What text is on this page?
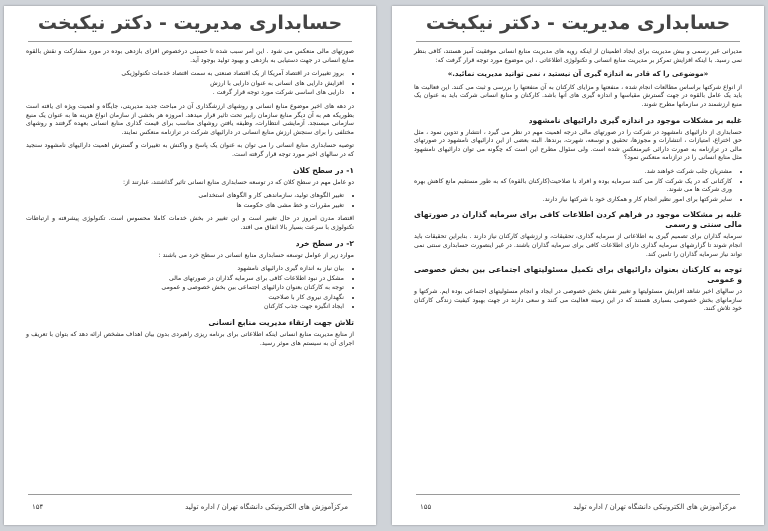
حسابداری مدیریت - دکتر نیکبخت

صورتهای مالی منعکس می شود . این امر سبب شده تا حسینی درخصوص افزای بازدهی بوده در مورد مشارکت و نقش بالقوه منابع انسانی در جهت دستیابی به بازدهی و بهبود تولید بوجود آید.

• بروز تغییرات در اقتصاد آمریکا از یک اقتصاد صنعتی به سمت اقتصاد خدمات تکنولوژیکی
• افزایش دارایی های انسانی به عنوان دارایی با ارزش
• دارایی های اساسی شرکت مورد توجه قرار گرفت .

در دهه های اخیر موضوع منابع انسانی و روشهای ارزشگذاری آن در مباحث جدید مدیریتی، جایگاه و اهمیت ویژه ای یافته است بطوریکه هم به آن دیگر منابع سازمان رابیر تحت تاثیر قرار میدهد. امروزه هر بخشی از سازمان انواع هزینه ها به عنوان یک منبع سازمانی میسنجد. آزمایشی انتظارات، وظیفه یافتن روشهای مناسب برای قیمت گذاری منابع انسانی بعهده گرفتند و روشهای مختلفی را برای سنجش ارزش منابع انسانی در دارائیهای شرکت در ترازنامه منعکس نمایند.

توصیه حسابداری منابع انسانی را می توان به عنوان یک پاسخ و واکنش به تغییرات و گسترش اهمیت دارائیهای نامشهود سنجید که در سالهای اخیر مورد توجه قرار گرفته است.

۱- در سطح کلان

دو عامل مهم در سطح کلان که در توسعه حسابداری منابع انسانی تاثیر گذاشتند، عبارتند از:

• تغییر الگوهای تولید، سازماندهی کار و الگوهای استخدامی
• تغییر مقررات و خط مشی های حکومت ها

اقتصاد مدرن امروز در حال تغییر است و این تغییر در بخش خدمات کاملا محسوس است. تکنولوژی پیشرفته و ارتباطات تکنولوژی با سرعت بسیار بالا اتفاق می افتد.

۲- در سطح خرد

موارد زیر از عوامل توسعه حسابداری منابع انسانی در سطح خرد می باشند :

• بیان نیاز به اندازه گیری دارائیهای نامشهود
• مشکل در نبود اطلاعات کافی برای سرمایه گذاران در صورتهای مالی
• توجه به کارکنان بعنوان دارائیهای اجتماعی بین بخش خصوصی و عمومی
• نگهداری نیروی کار با صلاحیت
• ایجاد انگیزه جهت جذب کارکنان
تلاش جهت ارتقاء مدیریت منابع انسانی

از منابع مدیریت منابع انسانی اینکه اطلاعاتی برای برنامه ریزی راهبردی بدون بیان اهداف مشخص ارائه دهد که بتوان با تعریف و اجرای آن به سیستم های موثر رسید.

مرکزآموزش های الکترونیکی دانشگاه تهران / اداره تولید
۱۵۴
حسابداری مدیریت - دکتر نیکبخت

مدیرانی غیر رسمی و بیش مدیریت برای ایجاد اطمینان از اینکه رویه های مدیریت منابع انسانی موفقیت آمیز هستند، کافی بنظر نمی رسید. با اینکه افزایش تمرکز بر مدیریت منابع انسانی و تکنولوژی اطلاعاتی ، این موضوع مورد توجه قرار گرفت که:

«موضوعی را که قادر به اندازه گیری آن نیستید ، نمی توانید مدیریت نمائید.»

از انواع شرکتها براساس مطالعات انجام شده ، منفعتها و مزایای کارکنان به آن منفعتها را بررسی و ثبت می کنند. این فعالیت ها باید یک عامل بالقوه در جهت گسترش مقیاسها و اندازه گیری های آنها باشد. کارکنان و منابع انسانی شرکت باید به عنوان یک منبع ارزشمند در سازمانها مطرح شوند.

غلبه بر مشکلات موجود در اندازه گیری دارائیهای نامشهود

حسابداری از دارائیهای نامشهود در شرکت را در صورتهای مالی درجه اهمیت مهم در نظر می گیرد ، انتشار و تدوین نمود ، مثل حق اختراع، امتیازات ، انتشارات و مجوزها، تحقیق و توسعه، شهرت، برندها. البته بعضی از این دارائیهای نامشهود در صورتهای مالی در ترازنامه به صورت دارائی غیرمنعکس شده است. ولی سئوال مطرح این است که چگونه می توان دارائیهای نامشهود مثل منابع انسانی را در ترازنامه منعکس نمود؟

• مشتریان جلب شرکت خواهند شد.
• کارکنانی که در یک شرکت کار می کنند سرمایه بوده و افراد با صلاحیت(کارکنان بالقوه) که به طور مستقیم مانع کاهش بهره وری شرکت ها می شوند.
• سایر شرکتها برای امور نظیر انجام کار و همکاری خود با شرکتها نیاز دارند.
غلبه بر مشکلات موجود در فراهم کردن اطلاعات کافی برای سرمایه گذاران در صورتهای مالی سنتی و رسمی

سرمایه گذاران برای تصمیم گیری به اطلاعاتی از سرمایه گذاری، تحقیقات، و ارزشهای کارکنان نیاز دارند . بنابراین تحقیقات باید انجام شوند تا گزارشهای سرمایه گذاری دارای اطلاعات کافی برای سرمایه گذاران باشند. در غیر اینصورت حسابداری سنتی نمی تواند نیاز سرمایه گذاران را تامین کند.

توجه به کارکنان بعنوان دارائیهای برای تکمیل مسئولیتهای اجتماعی بین بخش خصوصی و عمومی

در سالهای اخیر شاهد افزایش مسئولیتها و تغییر نقش بخش خصوصی در ایجاد و انجام مسئولیتهای اجتماعی بوده ایم. شرکتها و سازمانهای بخش خصوصی بسیاری هستند که در این زمینه فعالیت می کنند و سعی دارند در جهت بهبود کیفیت زندگی کارکنان خود تلاش کنند.

مرکزآموزش های الکترونیکی دانشگاه تهران / اداره تولید
۱۵۵
